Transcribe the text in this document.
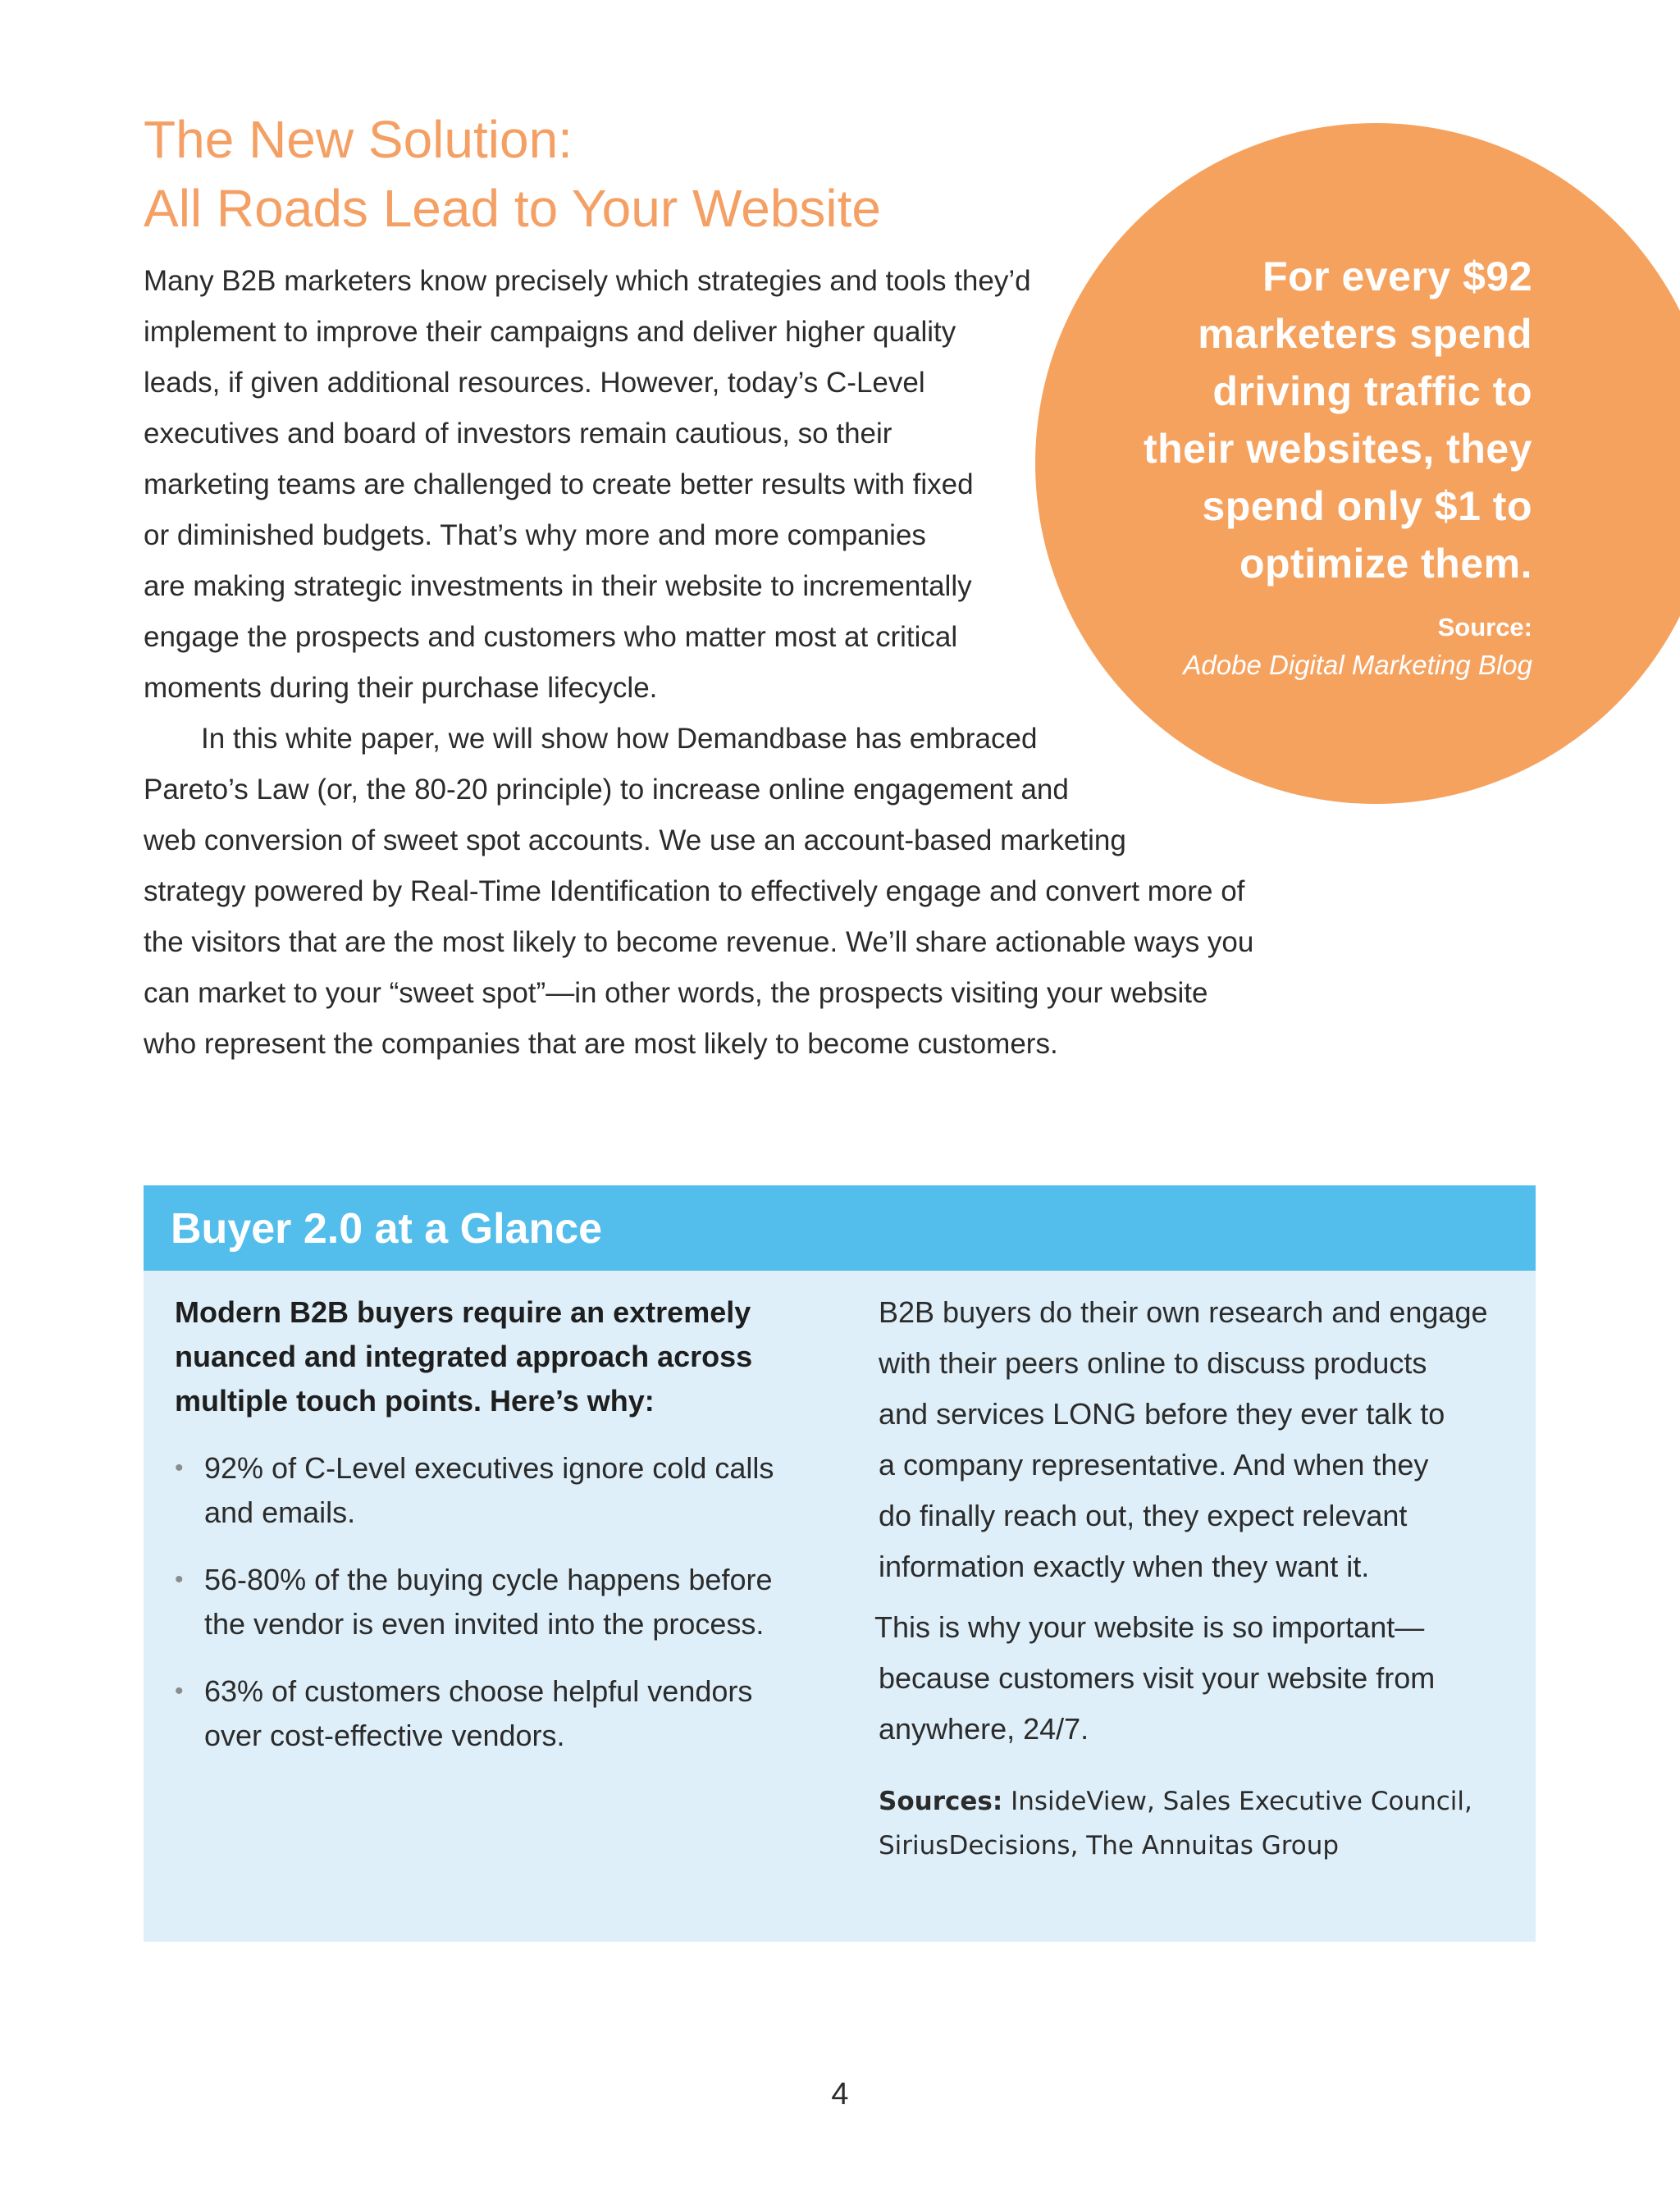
The New Solution:
All Roads Lead to Your Website
Many B2B marketers know precisely which strategies and tools they’d
implement to improve their campaigns and deliver higher quality
leads, if given additional resources. However, today’s C-Level
executives and board of investors remain cautious, so their
marketing teams are challenged to create better results with fixed
or diminished budgets. That’s why more and more companies
are making strategic investments in their website to incrementally
engage the prospects and customers who matter most at critical
moments during their purchase lifecycle.
In this white paper, we will show how Demandbase has embraced
Pareto’s Law (or, the 80-20 principle) to increase online engagement and
web conversion of sweet spot accounts. We use an account-based marketing
strategy powered by Real-Time Identification to effectively engage and convert more of
the visitors that are the most likely to become revenue. We’ll share actionable ways you
can market to your “sweet spot”—in other words, the prospects visiting your website
who represent the companies that are most likely to become customers.
For every $92
marketers spend
driving traffic to
their websites, they
spend only $1 to
optimize them.
Source:
Adobe Digital Marketing Blog
Buyer 2.0 at a Glance

Modern B2B buyers require an extremely
nuanced and integrated approach across
multiple touch points. Here’s why:

• 92% of C-Level executives ignore cold calls
and emails.
• 56-80% of the buying cycle happens before
the vendor is even invited into the process.
• 63% of customers choose helpful vendors
over cost-effective vendors.

B2B buyers do their own research and engage
with their peers online to discuss products
and services LONG before they ever talk to
a company representative. And when they
do finally reach out, they expect relevant
information exactly when they want it.

This is why your website is so important—
because customers visit your website from
anywhere, 24/7.

Sources: InsideView, Sales Executive Council,
SiriusDecisions, The Annuitas Group

4
